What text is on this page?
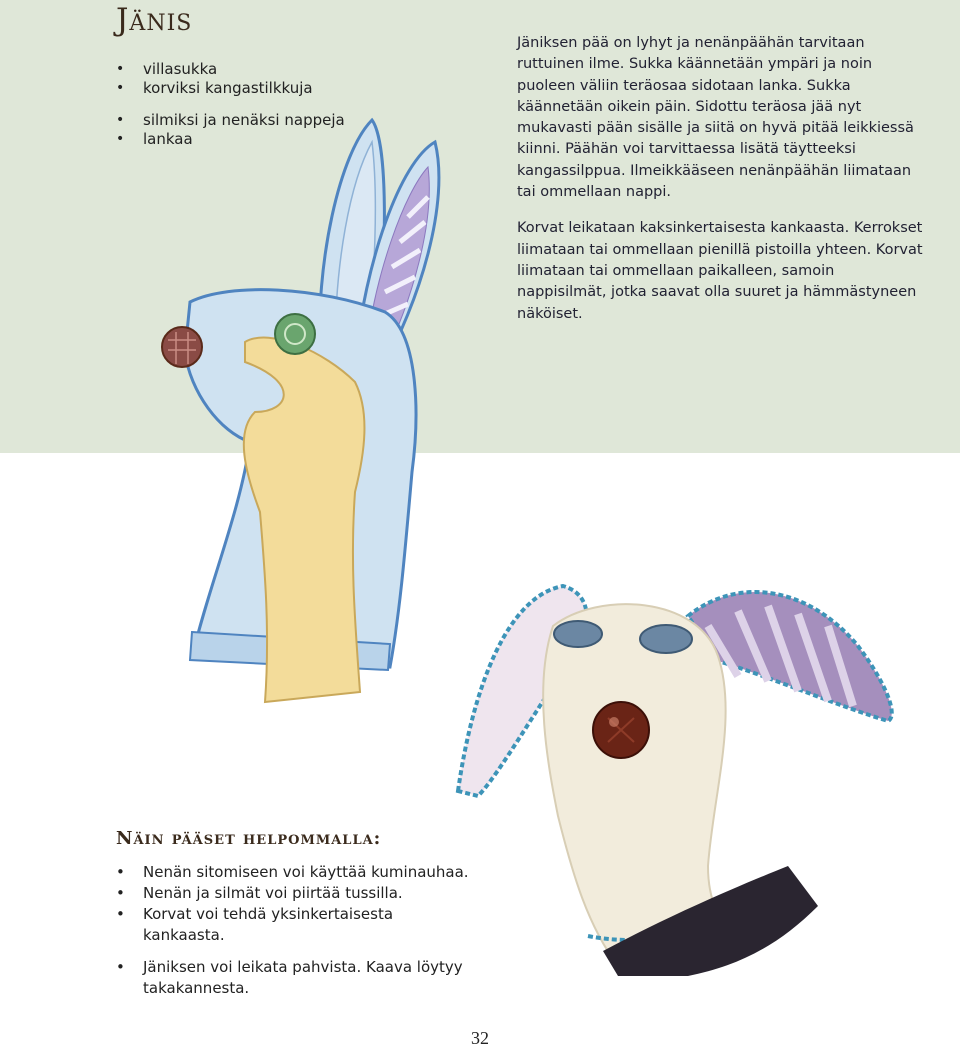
Jänis
• villasukka
• korviksi kangastilkkuja
• silmiksi ja nenäksi nappeja
• lankaa

Jäniksen pää on lyhyt ja nenänpäähän tarvitaan ruttuinen ilme. Sukka käännetään ympäri ja noin puoleen väliin teräosaa sidotaan lanka. Sukka käännetään oikein päin. Sidottu teräosa jää nyt mukavasti pään sisälle ja siitä on hyvä pitää leikkiessä kiinni. Päähän voi tarvittaessa lisätä täytteeksi kangassilppua. Ilmeikkääseen nenänpäähän liimataan tai ommellaan nappi.

Korvat leikataan kaksinkertaisesta kankaasta. Kerrokset liimataan tai ommellaan pienillä pistoilla yhteen. Korvat liimataan tai ommellaan paikalleen, samoin nappisilmät, jotka saavat olla suuret ja hämmästyneen näköiset.

Näin pääset helpommalla:
• Nenän sitomiseen voi käyttää kuminauhaa.
• Nenän ja silmät voi piirtää tussilla.
• Korvat voi tehdä yksinkertaisesta kankaasta.
• Jäniksen voi leikata pahvista. Kaava löytyy takakannesta.
32
